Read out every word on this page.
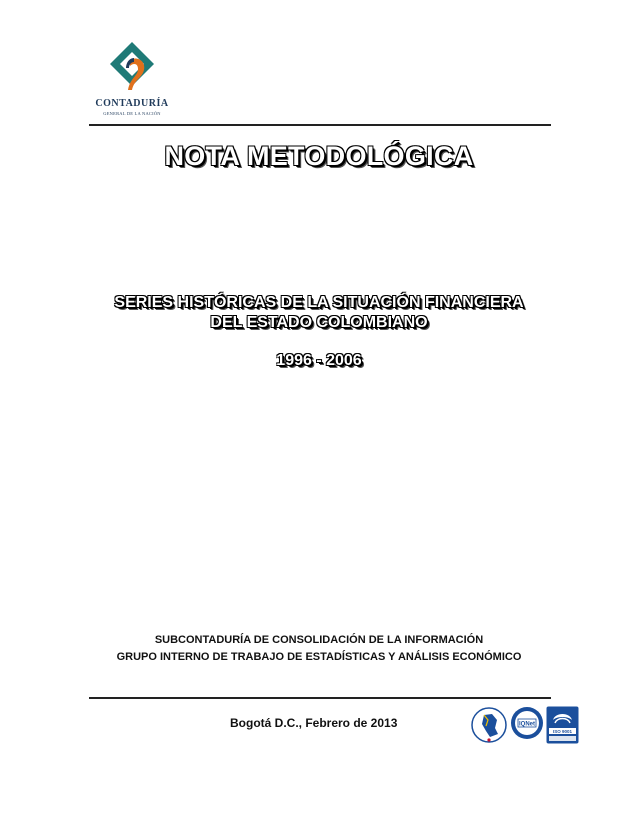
CONTADURÍA
GENERAL DE LA NACIÓN
NOTA METODOLÓGICA
SERIES HISTÓRICAS DE LA SITUACIÓN FINANCIERA
DEL ESTADO COLOMBIANO
1996 - 2006
SUBCONTADURÍA DE CONSOLIDACIÓN DE LA INFORMACIÓN
GRUPO INTERNO DE TRABAJO DE ESTADÍSTICAS Y ANÁLISIS ECONÓMICO
Bogotá D.C., Febrero de 2013	IQNet
ISO 9001
